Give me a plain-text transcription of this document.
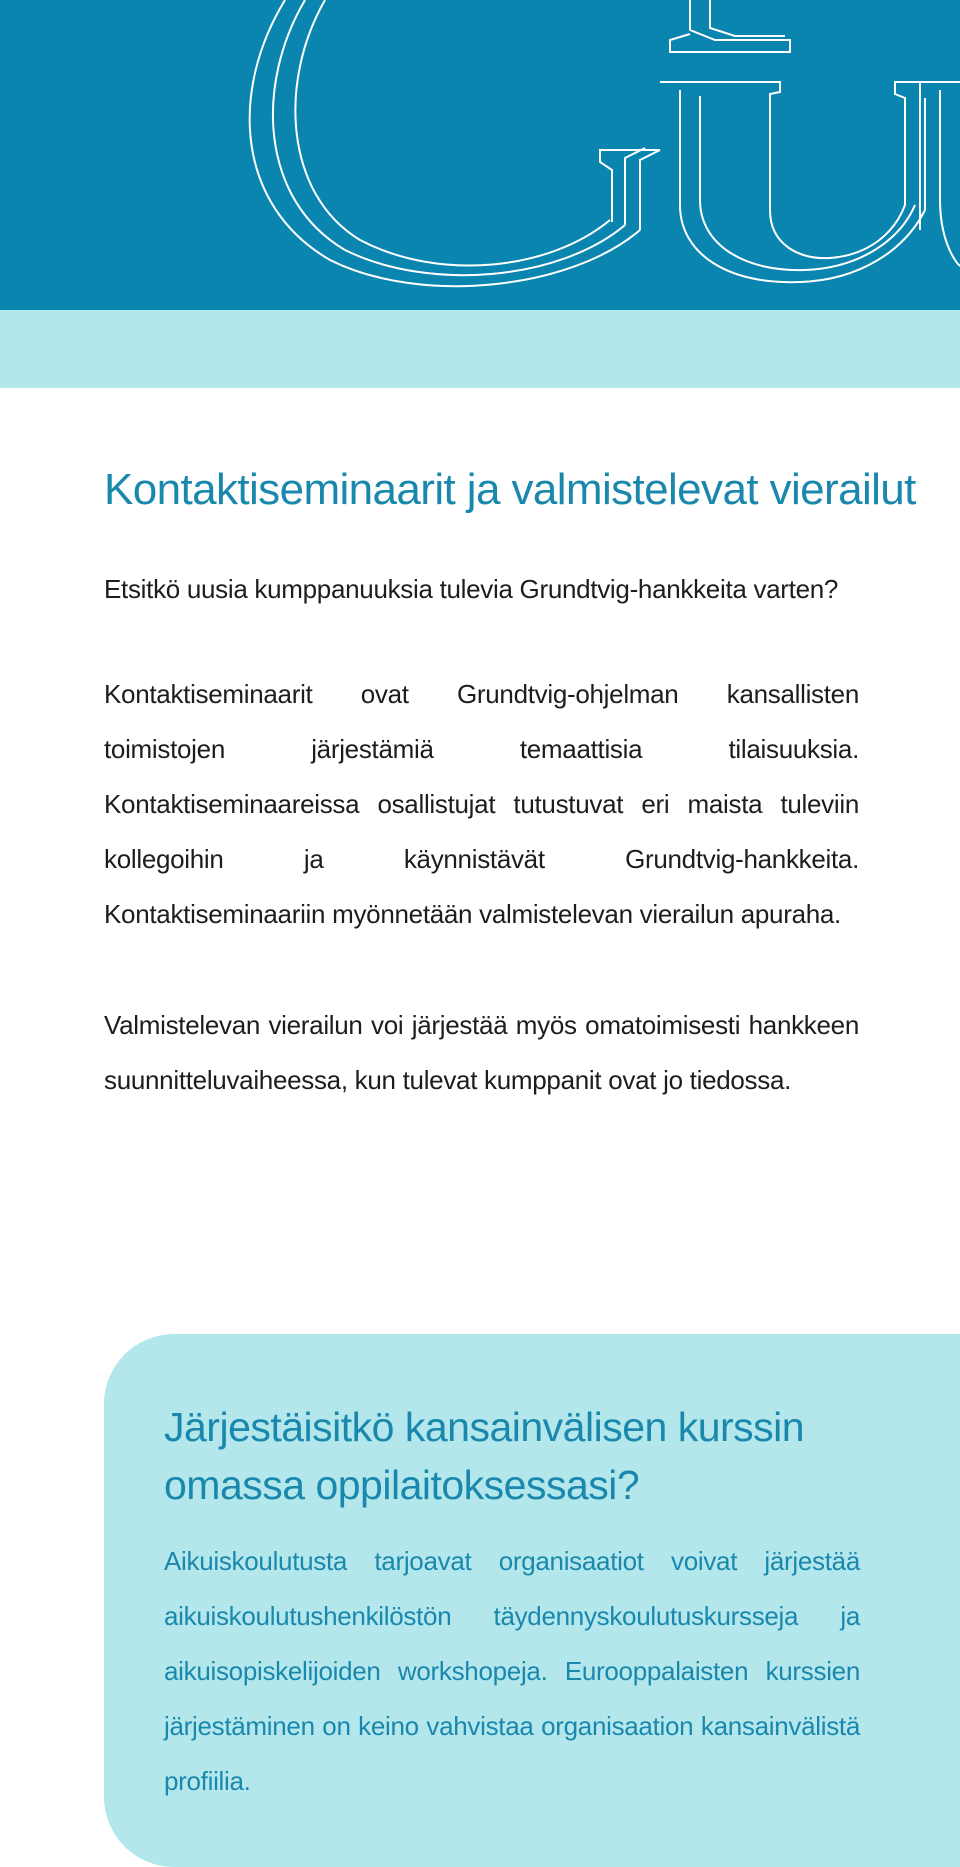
Kontaktiseminaarit ja valmistelevat vierailut

Etsitkö uusia kumppanuuksia tulevia Grundtvig-hankkeita varten?

Kontaktiseminaarit ovat Grundtvig-ohjelman kansallisten toimistojen järjestämiä temaattisia tilaisuuksia. Kontaktiseminaareissa osallistujat tutustuvat eri maista tuleviin kollegoihin ja käynnistävät Grundtvig-hankkeita. Kontaktiseminaariin myönnetään valmistelevan vierailun apuraha.

Valmistelevan vierailun voi järjestää myös omatoimisesti hankkeen suunnitteluvaiheessa, kun tulevat kumppanit ovat jo tiedossa.

Järjestäisitkö kansainvälisen kurssin omassa oppilaitoksessasi?

Aikuiskoulutusta tarjoavat organisaatiot voivat järjestää aikuiskoulutushenkilöstön täydennyskoulutuskursseja ja aikuisopiskelijoiden workshopeja. Eurooppalaisten kurssien järjestäminen on keino vahvistaa organisaation kansainvälistä profiilia.
